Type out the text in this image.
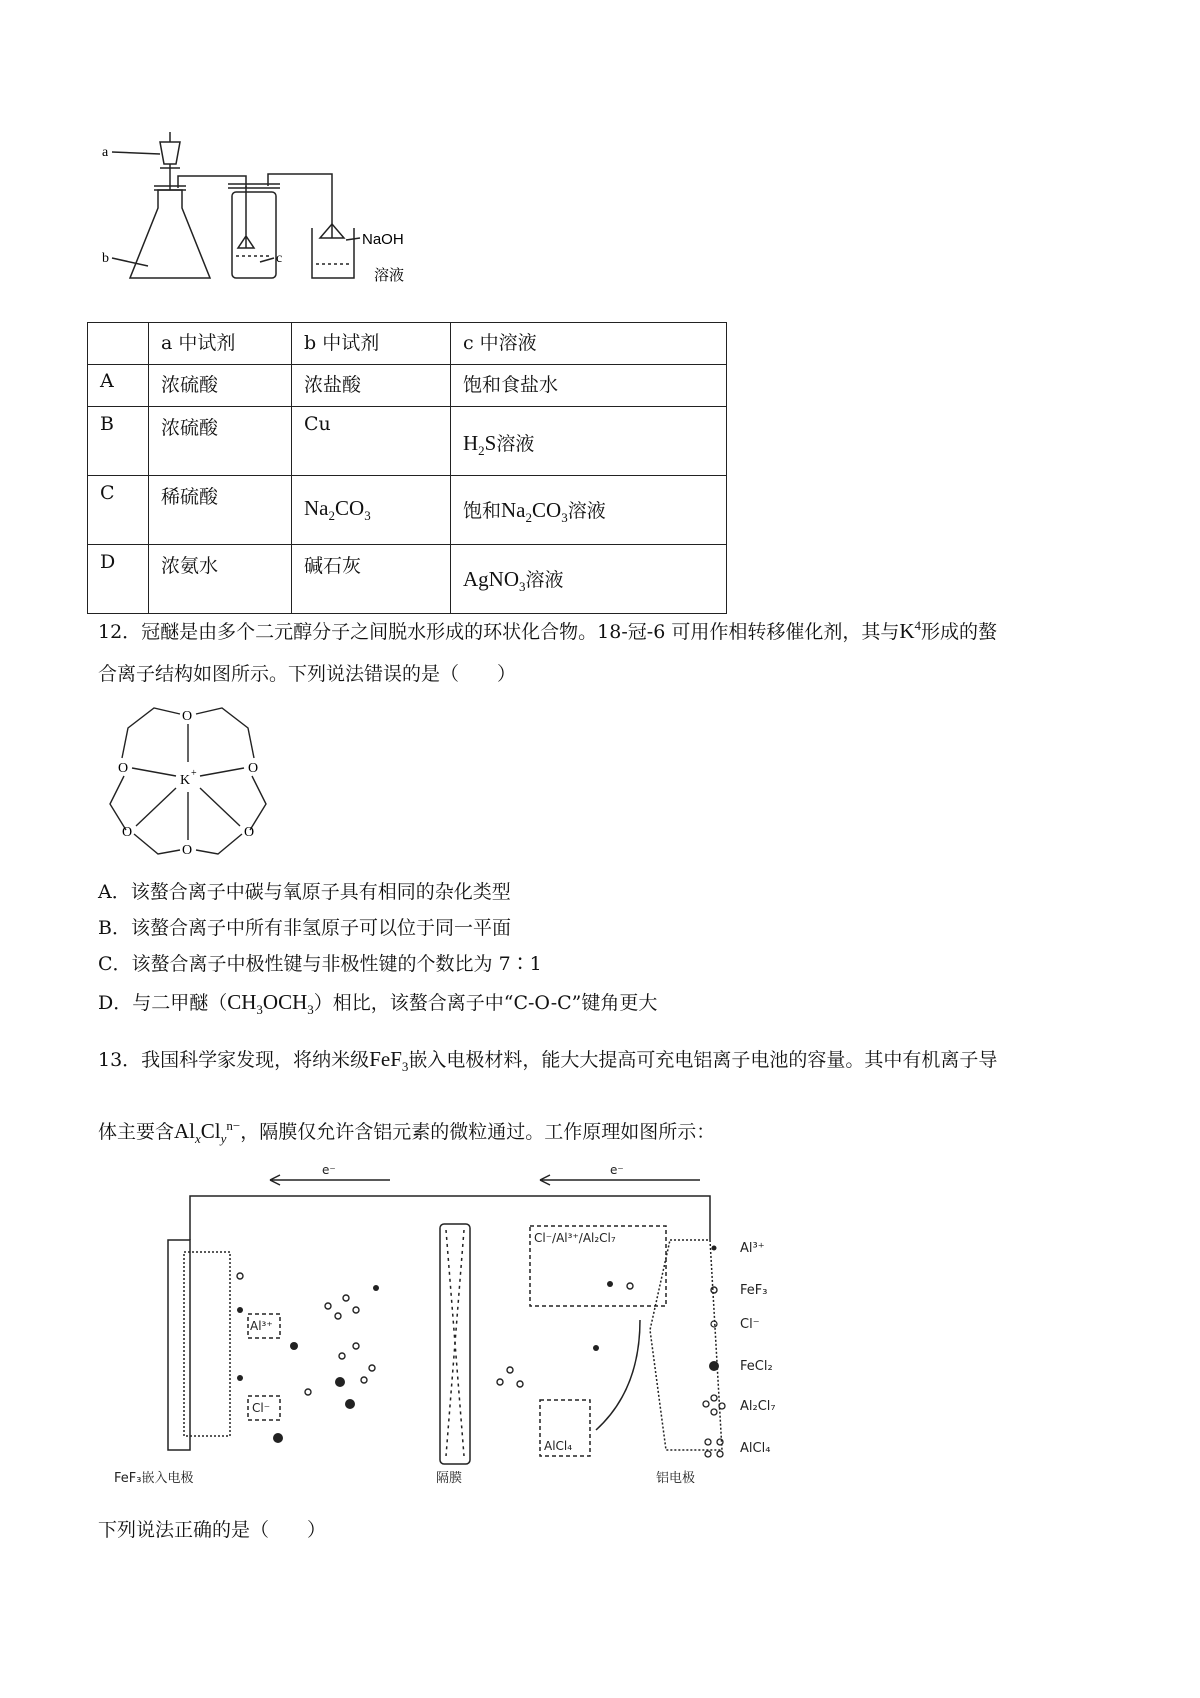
a
b	c
NaOH
溶液
	a 中试剂	b 中试剂	c 中溶液
A	浓硫酸	浓盐酸	饱和食盐水
B	浓硫酸	Cu	$H_2S$溶液

C	稀硫酸	$Na_2CO_3$	饱和$Na_2CO_3$溶液

D	浓氨水	碱石灰	AgNO$_3$溶液
12．冠醚是由多个二元醇分子之间脱水形成的环状化合物。18-冠-6 可用作相转移催化剂，其与$K^4$形成的螯
合离子结构如图所示。下列说法错误的是（　　）
O
O	O
O	O
O
K +
A．该螯合离子中碳与氧原子具有相同的杂化类型
B．该螯合离子中所有非氢原子可以位于同一平面
C．该螯合离子中极性键与非极性键的个数比为 7∶1
D．与二甲醚$(CH_3OCH_3)$相比，该螯合离子中“C-O-C”键角更大
13．我国科学家发现，将纳米级FeF$_3$嵌入电极材料，能大大提高可充电铝离子电池的容量。其中有机离子导
体主要含$Al_xCl_y^{n-}$，隔膜仅允许含铝元素的微粒通过。工作原理如图所示：
e⁻	e⁻
Al³⁺
Cl⁻
Cl⁻/Al³⁺/Al₂Cl₇
AlCl₄
FeF₃嵌入电极	隔膜	铝电极
Al³⁺
FeF₃
Cl⁻
FeCl₂
Al₂Cl₇
AlCl₄
下列说法正确的是（　　）
